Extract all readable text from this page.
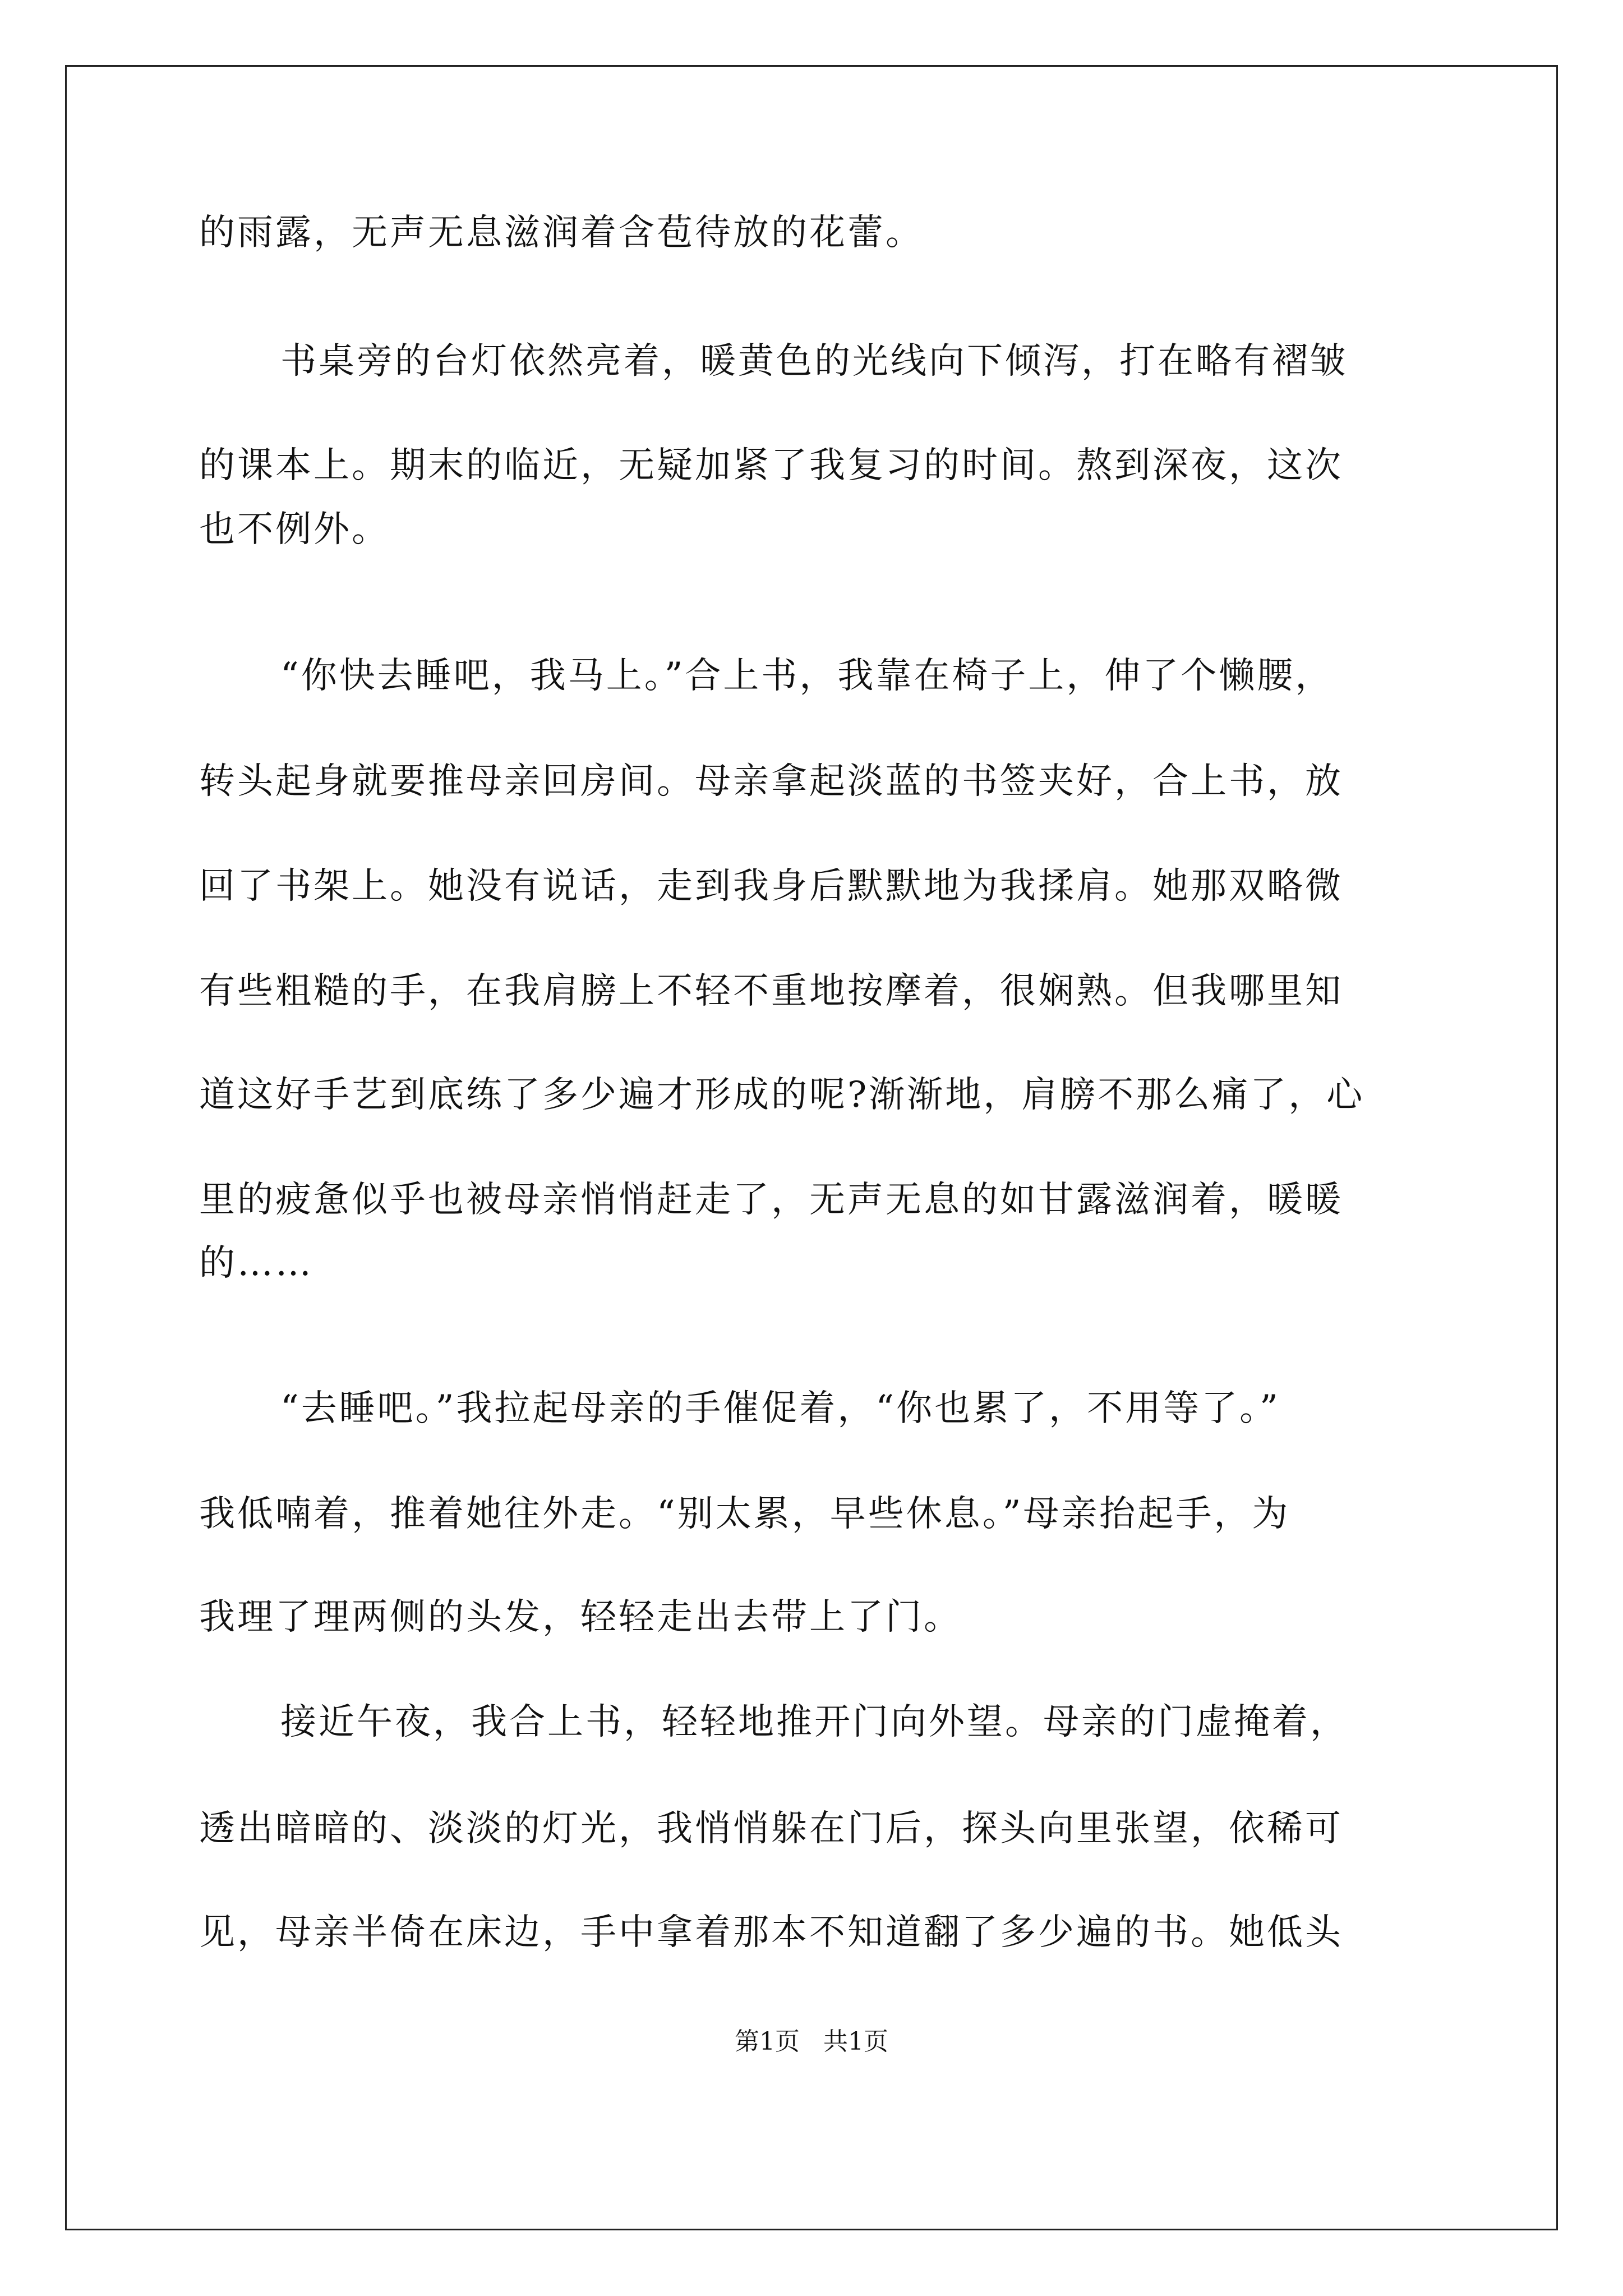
的雨露，无声无息滋润着含苞待放的花蕾。
书桌旁的台灯依然亮着，暖黄色的光线向下倾泻，打在略有褶皱
的课本上。期末的临近，无疑加紧了我复习的时间。熬到深夜，这次
也不例外。
“你快去睡吧，我马上。”合上书，我靠在椅子上，伸了个懒腰，
转头起身就要推母亲回房间。母亲拿起淡蓝的书签夹好，合上书，放
回了书架上。她没有说话，走到我身后默默地为我揉肩。她那双略微
有些粗糙的手，在我肩膀上不轻不重地按摩着，很娴熟。但我哪里知
道这好手艺到底练了多少遍才形成的呢?渐渐地，肩膀不那么痛了，心
里的疲惫似乎也被母亲悄悄赶走了，无声无息的如甘露滋润着，暖暖
的……
“去睡吧。”我拉起母亲的手催促着，“你也累了，不用等了。”
我低喃着，推着她往外走。“别太累，早些休息。”母亲抬起手，为
我理了理两侧的头发，轻轻走出去带上了门。
接近午夜，我合上书，轻轻地推开门向外望。母亲的门虚掩着，
透出暗暗的、淡淡的灯光，我悄悄躲在门后，探头向里张望，依稀可
见，母亲半倚在床边，手中拿着那本不知道翻了多少遍的书。她低头
第1页   共1页
